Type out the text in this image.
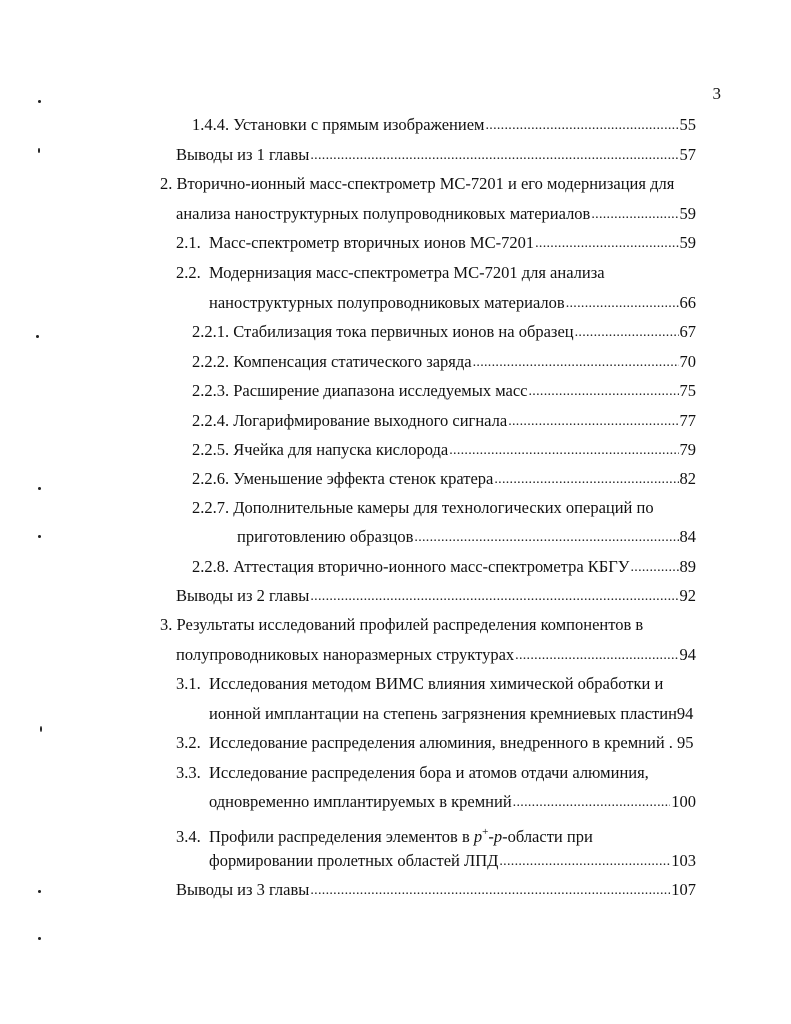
3
1.4.4. Установки с прямым изображением . . .	55
Выводы из 1 главы . . .	57
2. Вторично-ионный масс-спектрометр МС-7201 и его модернизация для
анализа наноструктурных полупроводниковых материалов . . .	59
2.1. Масс-спектрометр вторичных ионов МС-7201 . . .	59
2.2. Модернизация масс-спектрометра МС-7201 для анализа
наноструктурных полупроводниковых материалов . . .	66
2.2.1. Стабилизация тока первичных ионов на образец . . .	67
2.2.2. Компенсация статического заряда . . .	70
2.2.3. Расширение диапазона исследуемых масс . . .	75
2.2.4. Логарифмирование выходного сигнала . . .	77
2.2.5. Ячейка для напуска кислорода . . .	79
2.2.6. Уменьшение эффекта стенок кратера . . .	82
2.2.7. Дополнительные камеры для технологических операций по
приготовлению образцов . . .	84
2.2.8. Аттестация вторично-ионного масс-спектрометра КБГУ . . .	89
Выводы из 2 главы . . .	92
3. Результаты исследований профилей распределения компонентов в
полупроводниковых наноразмерных структурах . . .	94
3.1. Исследования методом ВИМС влияния химической обработки и
ионной имплантации на степень загрязнения кремниевых пластин94
3.2. Исследование распределения алюминия, внедренного в кремний . 95
3.3. Исследование распределения бора и атомов отдачи алюминия,
одновременно имплантируемых в кремний . . .	100
3.4. Профили распределения элементов в p+-p-области при
формировании пролетных областей ЛПД . . .	103
Выводы из 3 главы . . .	107
